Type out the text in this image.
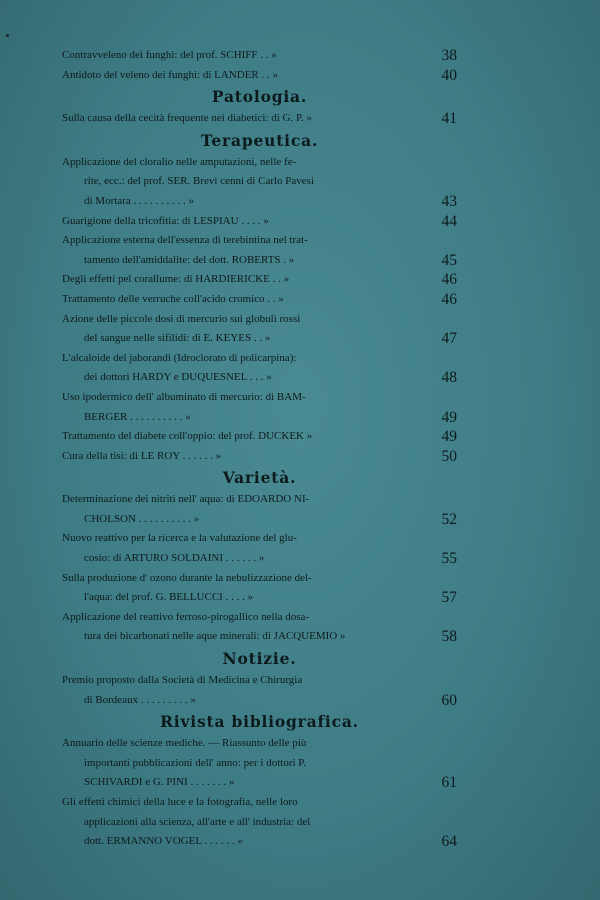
Contravveleno dei funghi: del prof. SCHIFF . . »	38
Antidoto del veleno dei funghi: di LANDER . . »	40
Patologia.
Sulla causa della cecità frequente nei diabetici: di G. P. »	41
Terapeutica.
Applicazione del cloralio nelle amputazioni, nelle fe-
rite, ecc.: del prof. SER. Brevi cenni di Carlo Pavesi
di Mortara . . . . . . . . . . »	43
Guarigione della tricofitia: di LESPIAU . . . . »	44
Applicazione esterna dell'essenza di terebintina nel trat-
tamento dell'amiddalite: del dott. ROBERTS . »	45
Degli effetti pel corallume: di HARDIERICKE . . »	46
Trattamento delle verruche coll'acido cromico . . »	46
Azione delle piccole dosi di mercurio sui globuli rossi
del sangue nelle sifilidi: di E. KEYES . . »	47
L'alcaloide del jaborandi (Idroclorato di policarpina):
dei dottori HARDY e DUQUESNEL . . . »	48
Uso ipodermico dell' albuminato di mercurio: di BAM-
BERGER . . . . . . . . . . »	49
Trattamento del diabete coll'oppio: del prof. DUCKEK »	49
Cura della tisi: di LE ROY . . . . . . »	50
Varietà.
Determinazione dei nitriti nell' aqua: di EDOARDO NI-
CHOLSON . . . . . . . . . . »	52
Nuovo reattivo per la ricerca e la valutazione del glu-
cosio: di ARTURO SOLDAINI . . . . . . »	55
Sulla produzione d' ozono durante la nebulizzazione del-
l'aqua: del prof. G. BELLUCCI . . . . »	57
Applicazione del reattivo ferroso-pirogallico nella dosa-
tura dei bicarbonati nelle aque minerali: di JACQUEMIO »	58
Notizie.
Premio proposto dalla Società di Medicina e Chirurgia
di Bordeaux . . . . . . . . . »	60
Rivista bibliografica.
Annuario delle scienze mediche. — Riassunto delle più
importanti pubblicazioni dell' anno: per i dottori P.
SCHIVARDI e G. PINI . . . . . . . »	61
Gli effetti chimici della luce e la fotografia, nelle loro
applicazioni alla scienza, all'arte e all' industria: del
dott. ERMANNO VOGEL . . . . . . »	64
